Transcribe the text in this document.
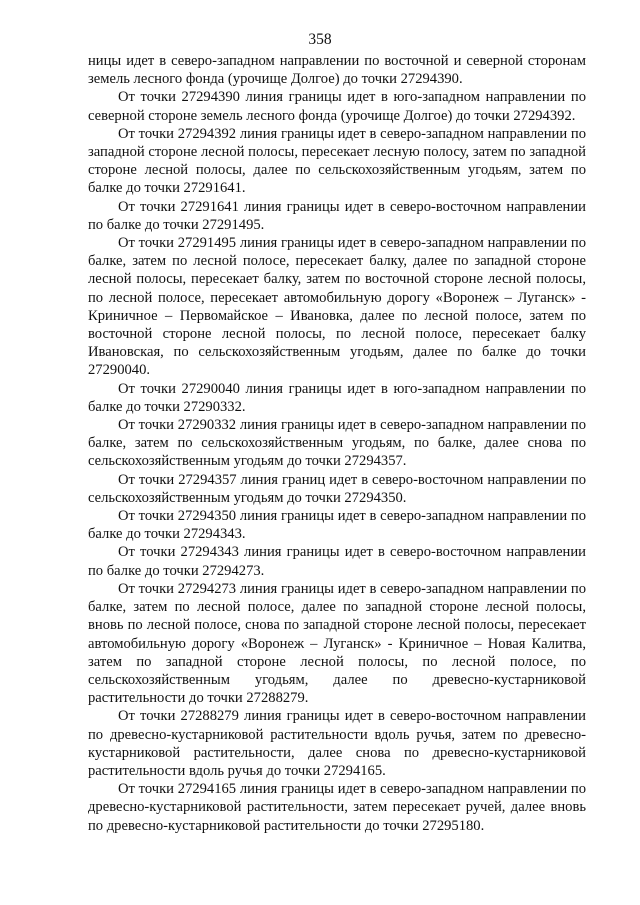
358

ницы идет в северо-западном направлении по восточной и северной сторонам земель лесного фонда (урочище Долгое) до точки 27294390.

От точки 27294390 линия границы идет в юго-западном направлении по северной стороне земель лесного фонда (урочище Долгое) до точки 27294392.

От точки 27294392 линия границы идет в северо-западном направлении по западной стороне лесной полосы, пересекает лесную полосу, затем по западной стороне лесной полосы, далее по сельскохозяйственным угодьям, затем по балке до точки 27291641.

От точки 27291641 линия границы идет в северо-восточном направлении по балке до точки 27291495.

От точки 27291495 линия границы идет в северо-западном направлении по балке, затем по лесной полосе, пересекает балку, далее по западной стороне лесной полосы, пересекает балку, затем по восточной стороне лесной полосы, по лесной полосе, пересекает автомобильную дорогу «Воронеж – Луганск» - Криничное – Первомайское – Ивановка, далее по лесной полосе, затем по восточной стороне лесной полосы, по лесной полосе, пересекает балку Ивановская, по сельскохозяйственным угодьям, далее по балке до точки 27290040.

От точки 27290040 линия границы идет в юго-западном направлении по балке до точки 27290332.

От точки 27290332 линия границы идет в северо-западном направлении по балке, затем по сельскохозяйственным угодьям, по балке, далее снова по сельскохозяйственным угодьям до точки 27294357.

От точки 27294357 линия границ идет в северо-восточном направлении по сельскохозяйственным угодьям до точки 27294350.

От точки 27294350 линия границы идет в северо-западном направлении по балке до точки 27294343.

От точки 27294343 линия границы идет в северо-восточном направлении по балке до точки 27294273.

От точки 27294273 линия границы идет в северо-западном направлении по балке, затем по лесной полосе, далее по западной стороне лесной полосы, вновь по лесной полосе, снова по западной стороне лесной полосы, пересекает автомобильную дорогу «Воронеж – Луганск» - Криничное – Новая Калитва, затем по западной стороне лесной полосы, по лесной полосе, по сельскохозяйственным угодьям, далее по древесно-кустарниковой растительности до точки 27288279.

От точки 27288279 линия границы идет в северо-восточном направлении по древесно-кустарниковой растительности вдоль ручья, затем по древесно-кустарниковой растительности, далее снова по древесно-кустарниковой растительности вдоль ручья до точки 27294165.

От точки 27294165 линия границы идет в северо-западном направлении по древесно-кустарниковой растительности, затем пересекает ручей, далее вновь по древесно-кустарниковой растительности до точки 27295180.
